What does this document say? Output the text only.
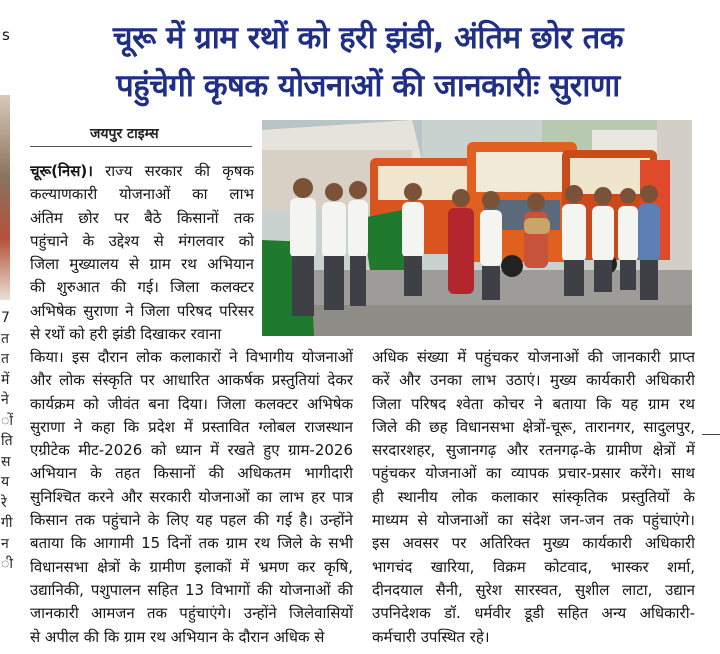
s
7
त
त
में
ने
ों
ति
स
य
रे
गी
न
ी
चूरू में ग्राम रथों को हरी झंडी, अंतिम छोर तक
पहुंचेगी कृषक योजनाओं की जानकारीः सुराणा
जयपुर टाइम्स
चूरू(निस)। राज्य सरकार की कृषक
कल्याणकारी योजनाओं का लाभ
अंतिम छोर पर बैठे किसानों तक
पहुंचाने के उद्देश्य से मंगलवार को
जिला मुख्यालय से ग्राम रथ अभियान
की शुरुआत की गई। जिला कलक्टर
अभिषेक सुराणा ने जिला परिषद परिसर
से रथों को हरी झंडी दिखाकर रवाना
किया। इस दौरान लोक कलाकारों ने विभागीय योजनाओं
और लोक संस्कृति पर आधारित आकर्षक प्रस्तुतियां देकर
कार्यक्रम को जीवंत बना दिया। जिला कलक्टर अभिषेक
सुराणा ने कहा कि प्रदेश में प्रस्तावित ग्लोबल राजस्थान
एग्रीटेक मीट-2026 को ध्यान में रखते हुए ग्राम-2026
अभियान के तहत किसानों की अधिकतम भागीदारी
सुनिश्चित करने और सरकारी योजनाओं का लाभ हर पात्र
किसान तक पहुंचाने के लिए यह पहल की गई है। उन्होंने
बताया कि आगामी 15 दिनों तक ग्राम रथ जिले के सभी
विधानसभा क्षेत्रों के ग्रामीण इलाकों में भ्रमण कर कृषि,
उद्यानिकी, पशुपालन सहित 13 विभागों की योजनाओं की
जानकारी आमजन तक पहुंचाएंगे। उन्होंने जिलेवासियों
से अपील की कि ग्राम रथ अभियान के दौरान अधिक से
अधिक संख्या में पहुंचकर योजनाओं की जानकारी प्राप्त
करें और उनका लाभ उठाएं। मुख्य कार्यकारी अधिकारी
जिला परिषद श्वेता कोचर ने बताया कि यह ग्राम रथ
जिले की छह विधानसभा क्षेत्रों-चूरू, तारानगर, सादुलपुर,
सरदारशहर, सुजानगढ़ और रतनगढ़-के ग्रामीण क्षेत्रों में
पहुंचकर योजनाओं का व्यापक प्रचार-प्रसार करेंगे। साथ
ही स्थानीय लोक कलाकार सांस्कृतिक प्रस्तुतियों के
माध्यम से योजनाओं का संदेश जन-जन तक पहुंचाएंगे।
इस अवसर पर अतिरिक्त मुख्य कार्यकारी अधिकारी
भागचंद खारिया, विक्रम कोटवाद, भास्कर शर्मा,
दीनदयाल सैनी, सुरेश सारस्वत, सुशील लाटा, उद्यान
उपनिदेशक डॉ. धर्मवीर डूडी सहित अन्य अधिकारी-
कर्मचारी उपस्थित रहे।
